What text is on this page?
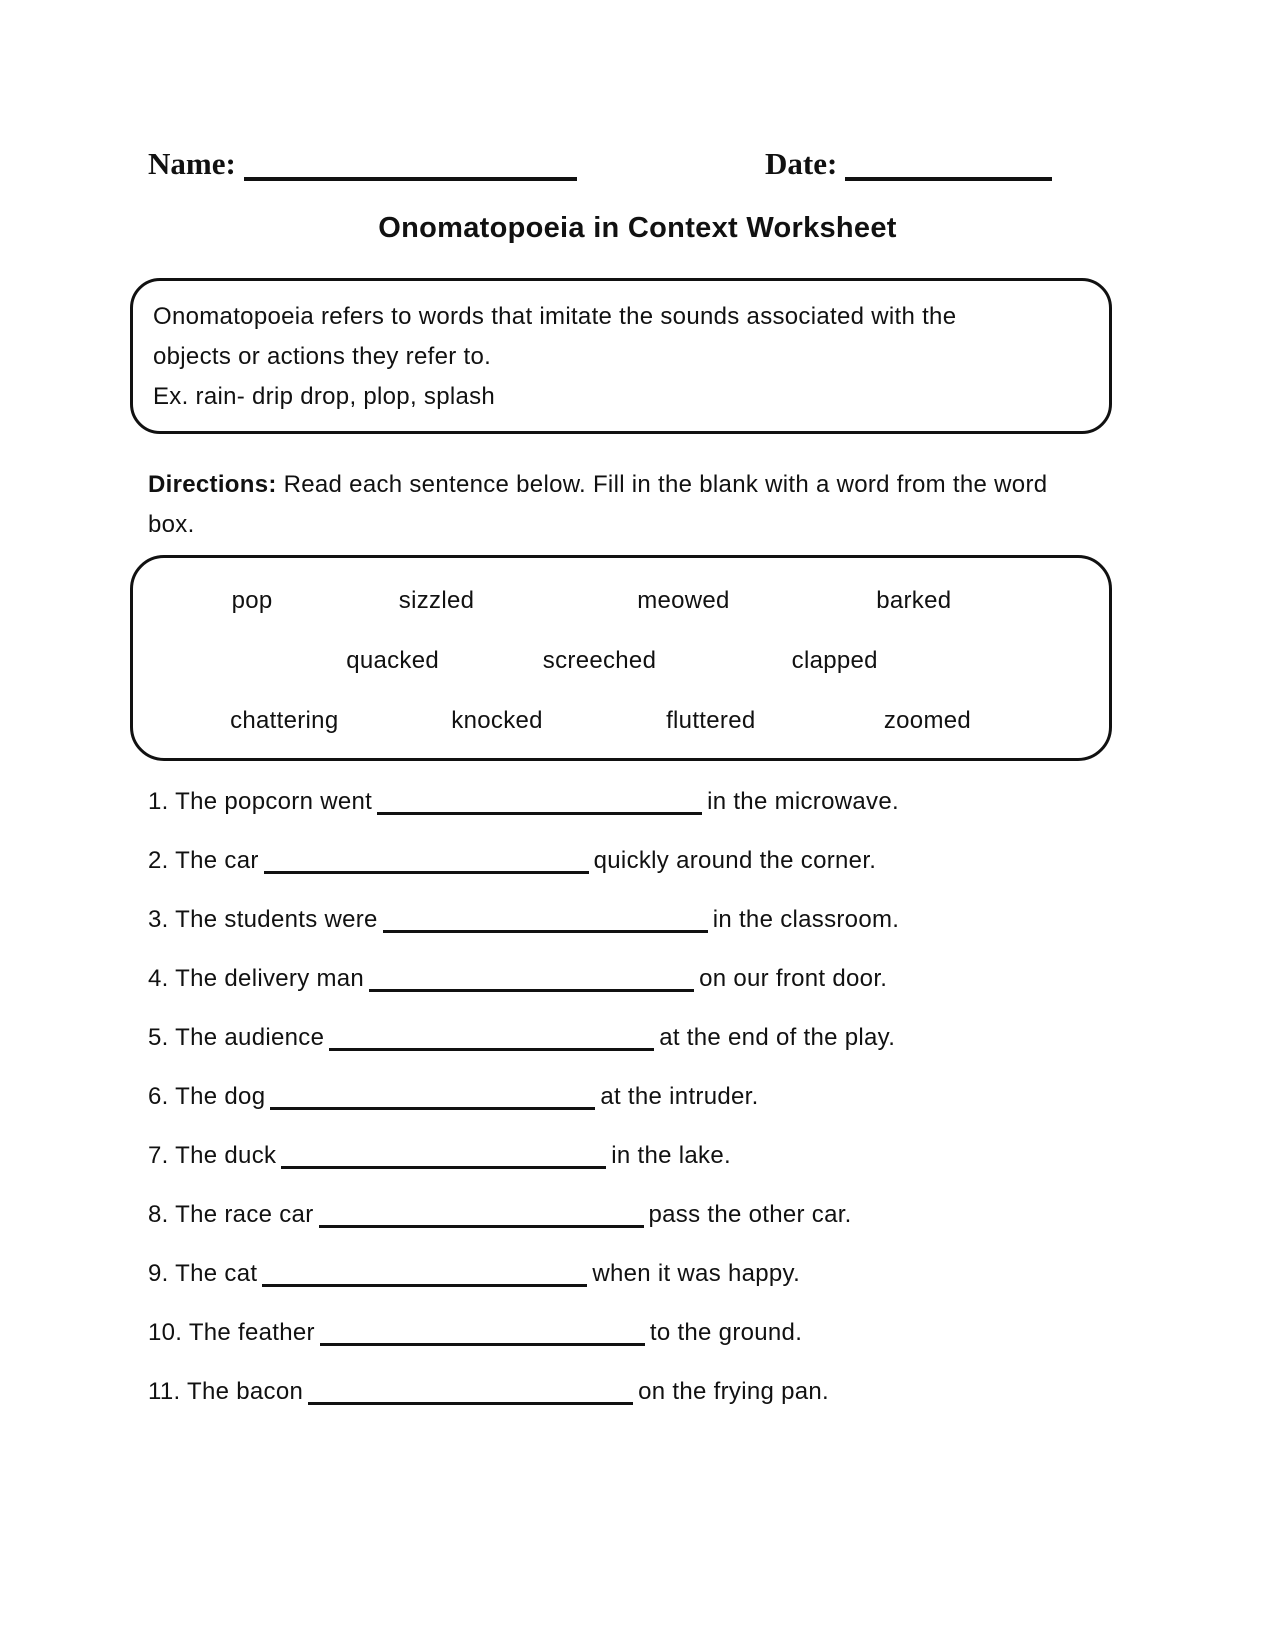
Name:	Date:
Onomatopoeia in Context Worksheet
Onomatopoeia refers to words that imitate the sounds associated with the
objects or actions they refer to.
Ex. rain- drip drop, plop, splash
Directions: Read each sentence below. Fill in the blank with a word from the word
box.
pop	sizzled	meowed	barked
quacked	screeched	clapped
chattering	knocked	fluttered	zoomed
1. The popcorn went	in the microwave.
2. The car	quickly around the corner.
3. The students were	in the classroom.
4. The delivery man	on our front door.
5. The audience	at the end of the play.
6. The dog	at the intruder.
7. The duck	in the lake.
8. The race car	pass the other car.
9. The cat	when it was happy.
10. The feather	to the ground.
11. The bacon	on the frying pan.
